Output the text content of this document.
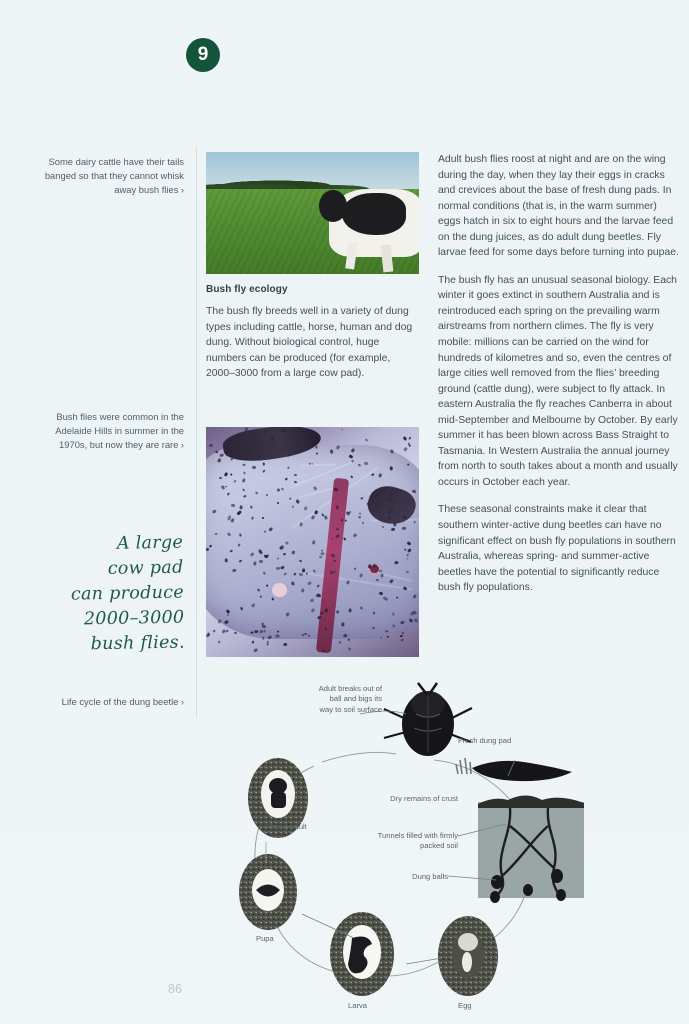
9
Some dairy cattle have their tails banged so that they cannot whisk away bush flies ›
Bush flies were common in the Adelaide Hills in summer in the 1970s, but now they are rare ›
Life cycle of the dung beetle ›
A large
cow pad
can produce
2000–3000
bush flies.
Bush fly ecology

The bush fly breeds well in a variety of dung types including cattle, horse, human and dog dung. Without biological control, huge numbers can be produced (for example, 2000–3000 from a large cow pad).

Adult bush flies roost at night and are on the wing during the day, when they lay their eggs in cracks and crevices about the base of fresh dung pads. In normal conditions (that is, in the warm summer) eggs hatch in six to eight hours and the larvae feed on the dung juices, as do adult dung beetles. Fly larvae feed for some days before turning into pupae.

The bush fly has an unusual seasonal biology. Each winter it goes extinct in southern Australia and is reintroduced each spring on the prevailing warm airstreams from northern climes. The fly is very mobile: millions can be carried on the wind for hundreds of kilometres and so, even the centres of large cities well removed from the flies’ breeding ground (cattle dung), were subject to fly attack. In eastern Australia the fly reaches Canberra in about mid-September and Melbourne by October. By early summer it has been blown across Bass Straight to Tasmania. In Western Australia the annual journey from north to south takes about a month and usually occurs in October each year.

These seasonal constraints make it clear that southern winter-active dung beetles can have no significant effect on bush fly populations in southern Australia, whereas spring- and summer-active beetles have the potential to significantly reduce bush fly populations.

Adult breaks out of ball and bigs its way to soil surface
Fresh dung pad
Dry remains of crust
Tunnels filled with firmly packed soil
Dung balls
Young adult
Pupa
Larva	Egg
86
